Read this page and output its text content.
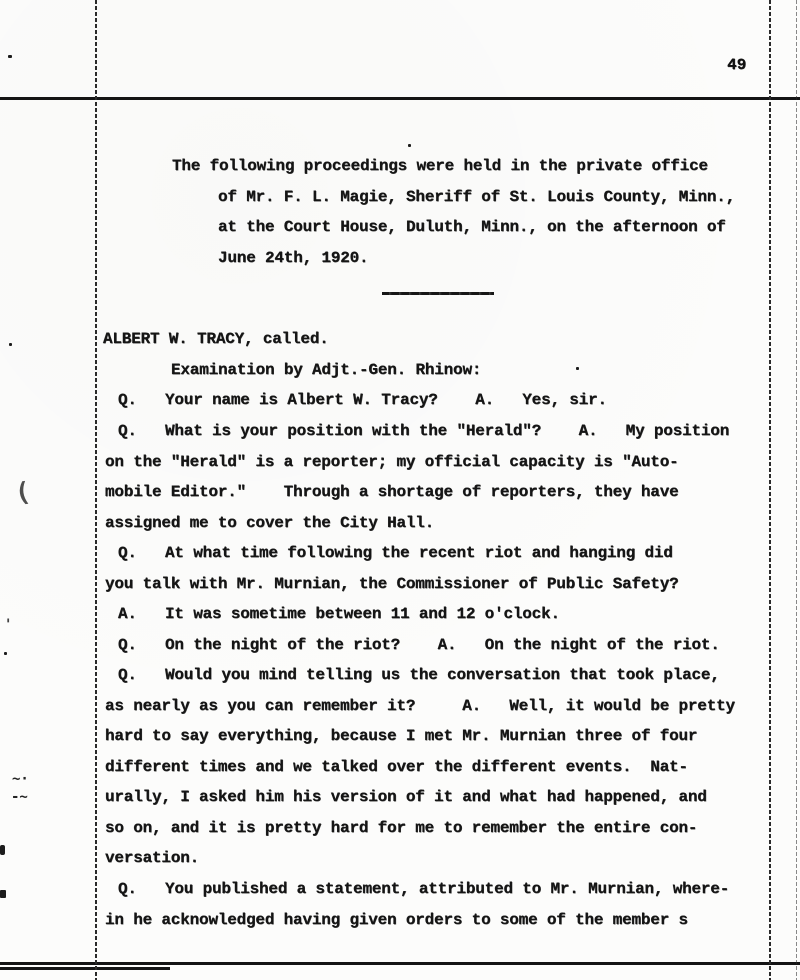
49
The following proceedings were held in the private office
of Mr. F. L. Magie, Sheriff of St. Louis County, Minn.,
at the Court House, Duluth, Minn., on the afternoon of
June 24th, 1920.
ALBERT W. TRACY, called.
Examination by Adjt.-Gen. Rhinow:
Q.   Your name is Albert W. Tracy?    A.   Yes, sir.
Q.   What is your position with the "Herald"?    A.   My position
on the "Herald" is a reporter; my official capacity is "Auto-
mobile Editor."    Through a shortage of reporters, they have
assigned me to cover the City Hall.
Q.   At what time following the recent riot and hanging did
you talk with Mr. Murnian, the Commissioner of Public Safety?
A.   It was sometime between 11 and 12 o'clock.
Q.   On the night of the riot?    A.   On the night of the riot.
Q.   Would you mind telling us the conversation that took place,
as nearly as you can remember it?     A.   Well, it would be pretty
hard to say everything, because I met Mr. Murnian three of four
different times and we talked over the different events.  Nat-
urally, I asked him his version of it and what had happened, and
so on, and it is pretty hard for me to remember the entire con-
versation.
Q.   You published a statement, attributed to Mr. Murnian, where-
in he acknowledged having given orders to some of the member s
(
'
~·
-~
